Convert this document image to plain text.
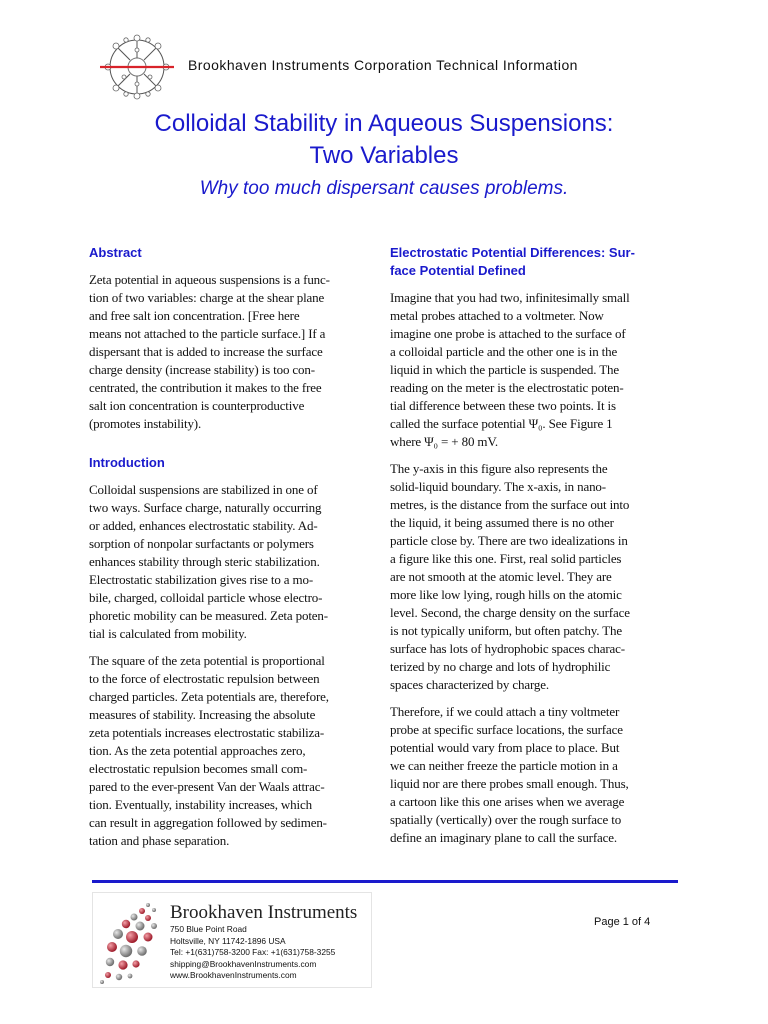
Brookhaven Instruments Corporation Technical Information
Colloidal Stability in Aqueous Suspensions:
Two Variables
Why too much dispersant causes problems.
Abstract
Zeta potential in aqueous suspensions is a func-
tion of two variables: charge at the shear plane
and free salt ion concentration. [Free here
means not attached to the particle surface.] If a
dispersant that is added to increase the surface
charge density (increase stability) is too con-
centrated, the contribution it makes to the free
salt ion concentration is counterproductive
(promotes instability).
Introduction
Colloidal suspensions are stabilized in one of
two ways. Surface charge, naturally occurring
or added, enhances electrostatic stability. Ad-
sorption of nonpolar surfactants or polymers
enhances stability through steric stabilization.
Electrostatic stabilization gives rise to a mo-
bile, charged, colloidal particle whose electro-
phoretic mobility can be measured. Zeta poten-
tial is calculated from mobility.
The square of the zeta potential is proportional
to the force of electrostatic repulsion between
charged particles. Zeta potentials are, therefore,
measures of stability. Increasing the absolute
zeta potentials increases electrostatic stabiliza-
tion. As the zeta potential approaches zero,
electrostatic repulsion becomes small com-
pared to the ever-present Van der Waals attrac-
tion. Eventually, instability increases, which
can result in aggregation followed by sedimen-
tation and phase separation.
Electrostatic Potential Differences: Sur-
face Potential Defined
Imagine that you had two, infinitesimally small
metal probes attached to a voltmeter. Now
imagine one probe is attached to the surface of
a colloidal particle and the other one is in the
liquid in which the particle is suspended. The
reading on the meter is the electrostatic poten-
tial difference between these two points. It is
called the surface potential Ψ₀. See Figure 1
where Ψ₀ = + 80 mV.
The y-axis in this figure also represents the
solid-liquid boundary. The x-axis, in nano-
metres, is the distance from the surface out into
the liquid, it being assumed there is no other
particle close by. There are two idealizations in
a figure like this one. First, real solid particles
are not smooth at the atomic level. They are
more like low lying, rough hills on the atomic
level. Second, the charge density on the surface
is not typically uniform, but often patchy. The
surface has lots of hydrophobic spaces charac-
terized by no charge and lots of hydrophilic
spaces characterized by charge.
Therefore, if we could attach a tiny voltmeter
probe at specific surface locations, the surface
potential would vary from place to place. But
we can neither freeze the particle motion in a
liquid nor are there probes small enough. Thus,
a cartoon like this one arises when we average
spatially (vertically) over the rough surface to
define an imaginary plane to call the surface.
Brookhaven Instruments
750 Blue Point Road
Holtsville, NY 11742-1896 USA
Tel: +1(631)758-3200 Fax: +1(631)758-3255
shipping@BrookhavenInstruments.com
www.BrookhavenInstruments.com
Page 1 of 4
